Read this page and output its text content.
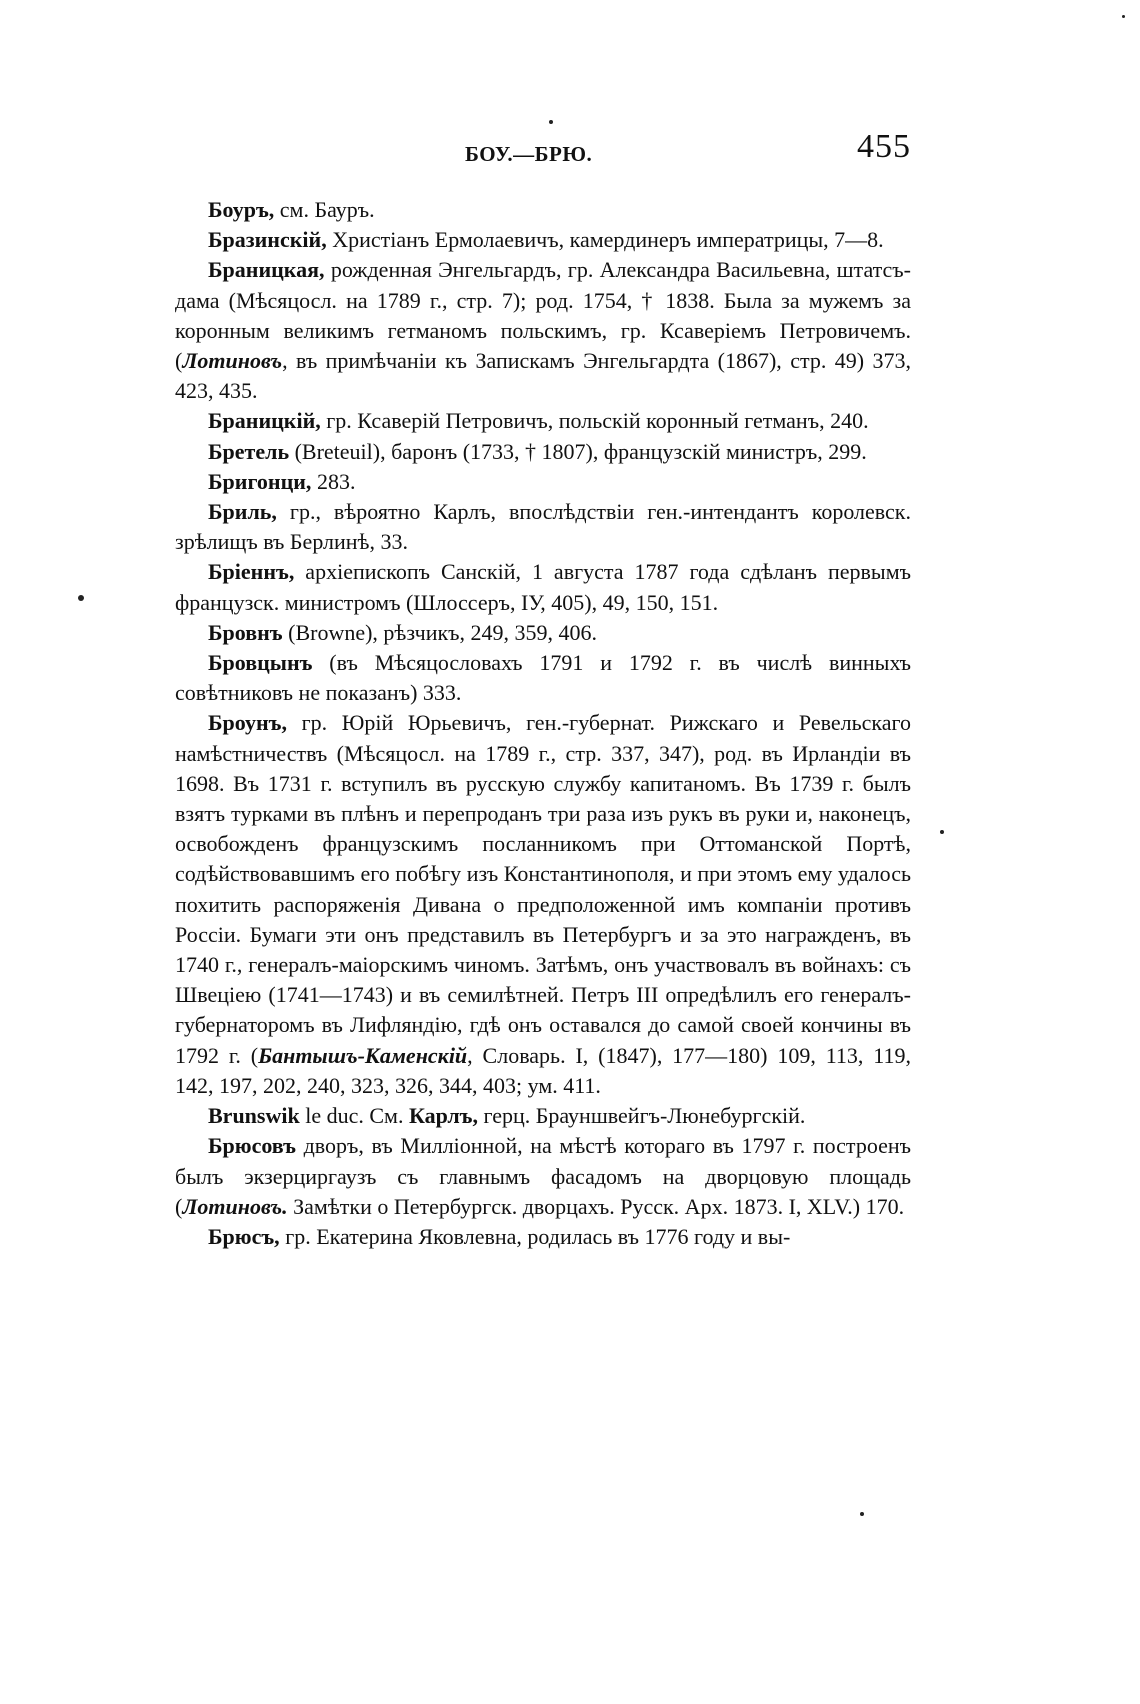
БОУ.—БРЮ.	455

Боуръ, см. Бауръ.

Бразинскій, Христіанъ Ермолаевичъ, камердинеръ императрицы, 7—8.

Браницкая, рожденная Энгельгардъ, гр. Александра Васильевна, штатсъ-дама (Мѣсяцосл. на 1789 г., стр. 7); род. 1754, † 1838. Была за мужемъ за коронным великимъ гетманомъ польскимъ, гр. Ксаверіемъ Петровичемъ. (Лотиновъ, въ примѣчаніи къ Запискамъ Энгельгардта (1867), стр. 49) 373, 423, 435.

Браницкій, гр. Ксаверій Петровичъ, польскій коронный гетманъ, 240.

Бретель (Breteuil), баронъ (1733, † 1807), французскій министръ, 299.

Бригонци, 283.

Бриль, гр., вѣроятно Карлъ, впослѣдствіи ген.-интендантъ королевск. зрѣлищъ въ Берлинѣ, 33.

Бріеннъ, архіепископъ Санскій, 1 августа 1787 года сдѣланъ первымъ французск. министромъ (Шлоссеръ, IУ, 405), 49, 150, 151.

Бровнъ (Browne), рѣзчикъ, 249, 359, 406.

Бровцынъ (въ Мѣсяцословахъ 1791 и 1792 г. въ числѣ винныхъ совѣтниковъ не показанъ) 333.

Броунъ, гр. Юрій Юрьевичъ, ген.-губернат. Рижскаго и Ревельскаго намѣстничествъ (Мѣсяцосл. на 1789 г., стр. 337, 347), род. въ Ирландіи въ 1698. Въ 1731 г. вступилъ въ русскую службу капитаномъ. Въ 1739 г. былъ взятъ турками въ плѣнъ и перепроданъ три раза изъ рукъ въ руки и, наконецъ, освобожденъ французскимъ посланникомъ при Оттоманской Портѣ, содѣйствовавшимъ его побѣгу изъ Константинополя, и при этомъ ему удалось похитить распоряженія Дивана о предположенной имъ компаніи противъ Россіи. Бумаги эти онъ представилъ въ Петербургъ и за это награжденъ, въ 1740 г., генералъ-маіорскимъ чиномъ. Затѣмъ, онъ участвовалъ въ войнахъ: съ Швеціею (1741—1743) и въ семилѣтней. Петръ III опредѣлилъ его генералъ-губернаторомъ въ Лифляндію, гдѣ онъ оставался до самой своей кончины въ 1792 г. (Бантышъ-Каменскій, Словарь. I, (1847), 177—180) 109, 113, 119, 142, 197, 202, 240, 323, 326, 344, 403; ум. 411.

Brunswik le duc. См. Карлъ, герц. Брауншвейгъ-Люнебургскій.

Брюсовъ дворъ, въ Миллiонной, на мѣстѣ котораго въ 1797 г. построенъ былъ экзерциргаузъ съ главнымъ фасадомъ на дворцовую площадь (Лотиновъ. Замѣтки о Петербургск. дворцахъ. Русск. Арх. 1873. I, XLV.) 170.

Брюсъ, гр. Екатерина Яковлевна, родилась въ 1776 году и вы-
